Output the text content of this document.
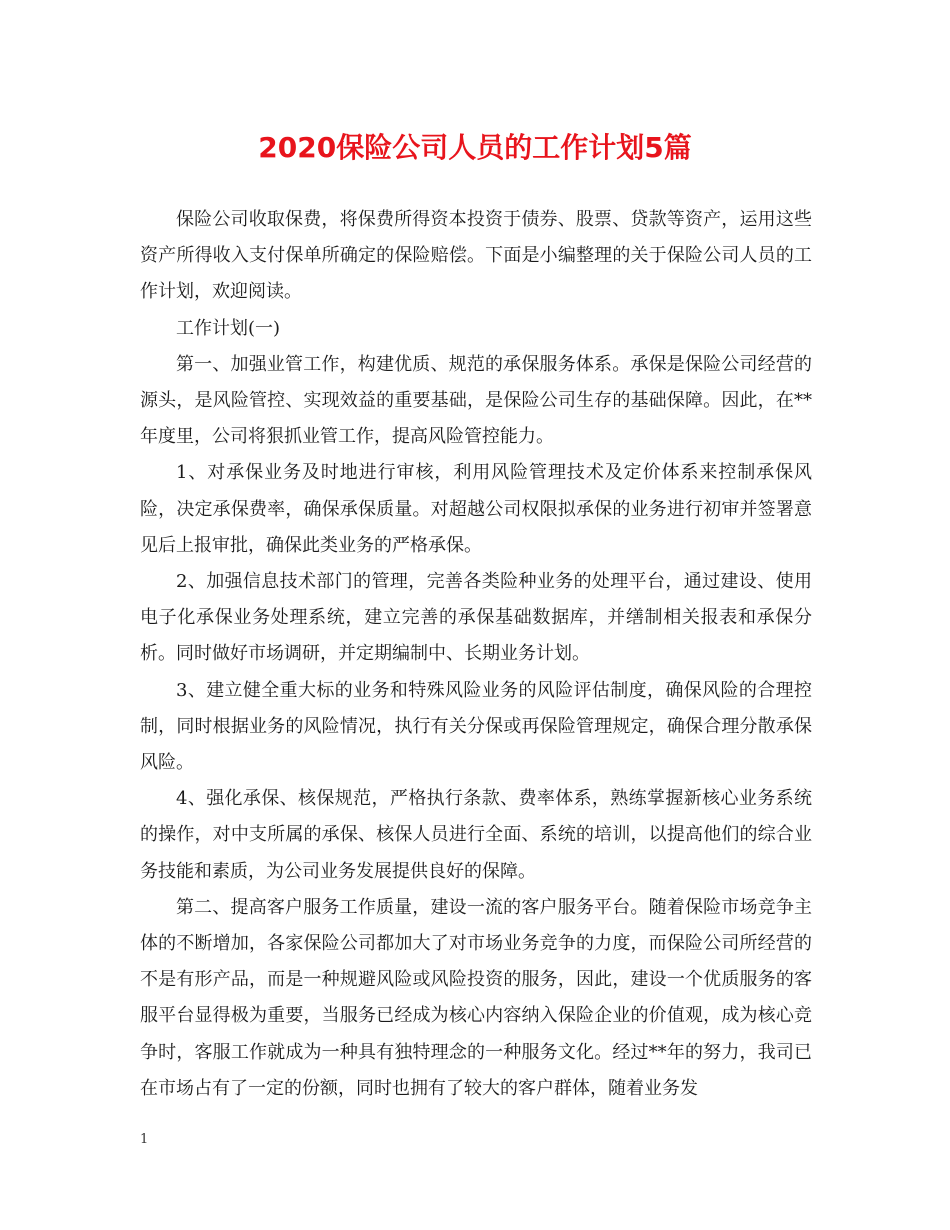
2020保险公司人员的工作计划5篇

保险公司收取保费，将保费所得资本投资于债券、股票、贷款等资产，运用这些资产所得收入支付保单所确定的保险赔偿。下面是小编整理的关于保险公司人员的工作计划，欢迎阅读。

工作计划(一)

第一、加强业管工作，构建优质、规范的承保服务体系。承保是保险公司经营的源头，是风险管控、实现效益的重要基础，是保险公司生存的基础保障。因此，在**年度里，公司将狠抓业管工作，提高风险管控能力。

1、对承保业务及时地进行审核，利用风险管理技术及定价体系来控制承保风险，决定承保费率，确保承保质量。对超越公司权限拟承保的业务进行初审并签署意见后上报审批，确保此类业务的严格承保。

2、加强信息技术部门的管理，完善各类险种业务的处理平台，通过建设、使用电子化承保业务处理系统，建立完善的承保基础数据库，并缮制相关报表和承保分析。同时做好市场调研，并定期编制中、长期业务计划。

3、建立健全重大标的业务和特殊风险业务的风险评估制度，确保风险的合理控制，同时根据业务的风险情况，执行有关分保或再保险管理规定，确保合理分散承保风险。

4、强化承保、核保规范，严格执行条款、费率体系，熟练掌握新核心业务系统的操作，对中支所属的承保、核保人员进行全面、系统的培训，以提高他们的综合业务技能和素质，为公司业务发展提供良好的保障。

第二、提高客户服务工作质量，建设一流的客户服务平台。随着保险市场竞争主体的不断增加，各家保险公司都加大了对市场业务竞争的力度，而保险公司所经营的不是有形产品，而是一种规避风险或风险投资的服务，因此，建设一个优质服务的客服平台显得极为重要，当服务已经成为核心内容纳入保险企业的价值观，成为核心竞争时，客服工作就成为一种具有独特理念的一种服务文化。经过**年的努力，我司已在市场占有了一定的份额，同时也拥有了较大的客户群体，随着业务发

1
